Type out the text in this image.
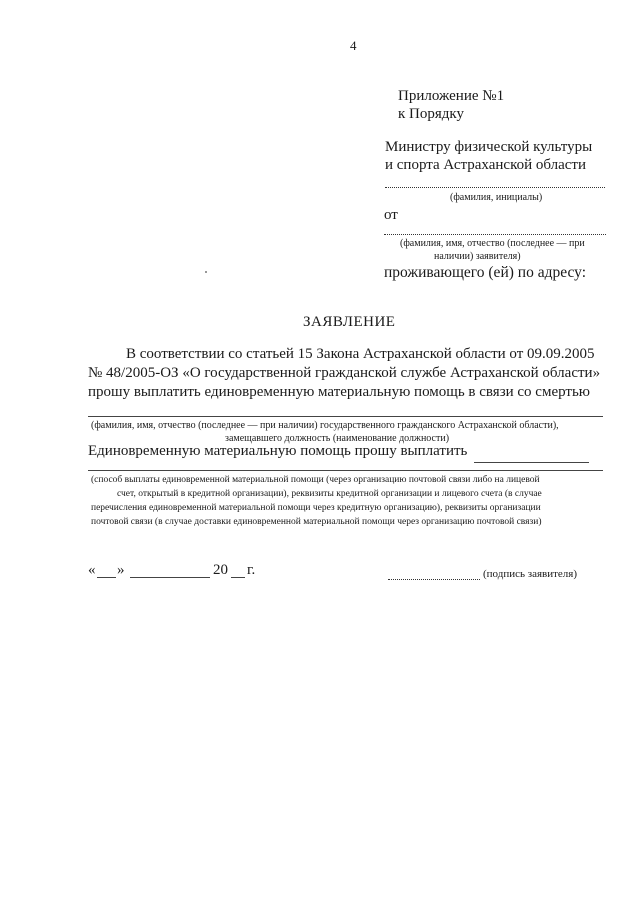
4
Приложение №1
к Порядку
Министру физической культуры
и спорта Астраханской области
(фамилия, инициалы)
от
(фамилия, имя, отчество (последнее — при
наличии) заявителя)
проживающего (ей) по адресу:
ЗАЯВЛЕНИЕ
В соответствии со статьей 15 Закона Астраханской области от 09.09.2005
№ 48/2005-ОЗ «О государственной гражданской службе Астраханской области»
прошу выплатить единовременную материальную помощь в связи со смертью
(фамилия, имя, отчество (последнее — при наличии) государственного гражданского Астраханской области),
замещавшего должность (наименование должности)
Единовременную материальную помощь прошу выплатить
(способ выплаты единовременной материальной помощи (через организацию почтовой связи либо на лицевой
счет, открытый в кредитной организации), реквизиты кредитной организации и лицевого счета (в случае
перечисления единовременной материальной помощи через кредитную организацию), реквизиты организации
почтовой связи (в случае доставки единовременной материальной помощи через организацию почтовой связи)
« »	20 г.	(подпись заявителя)
